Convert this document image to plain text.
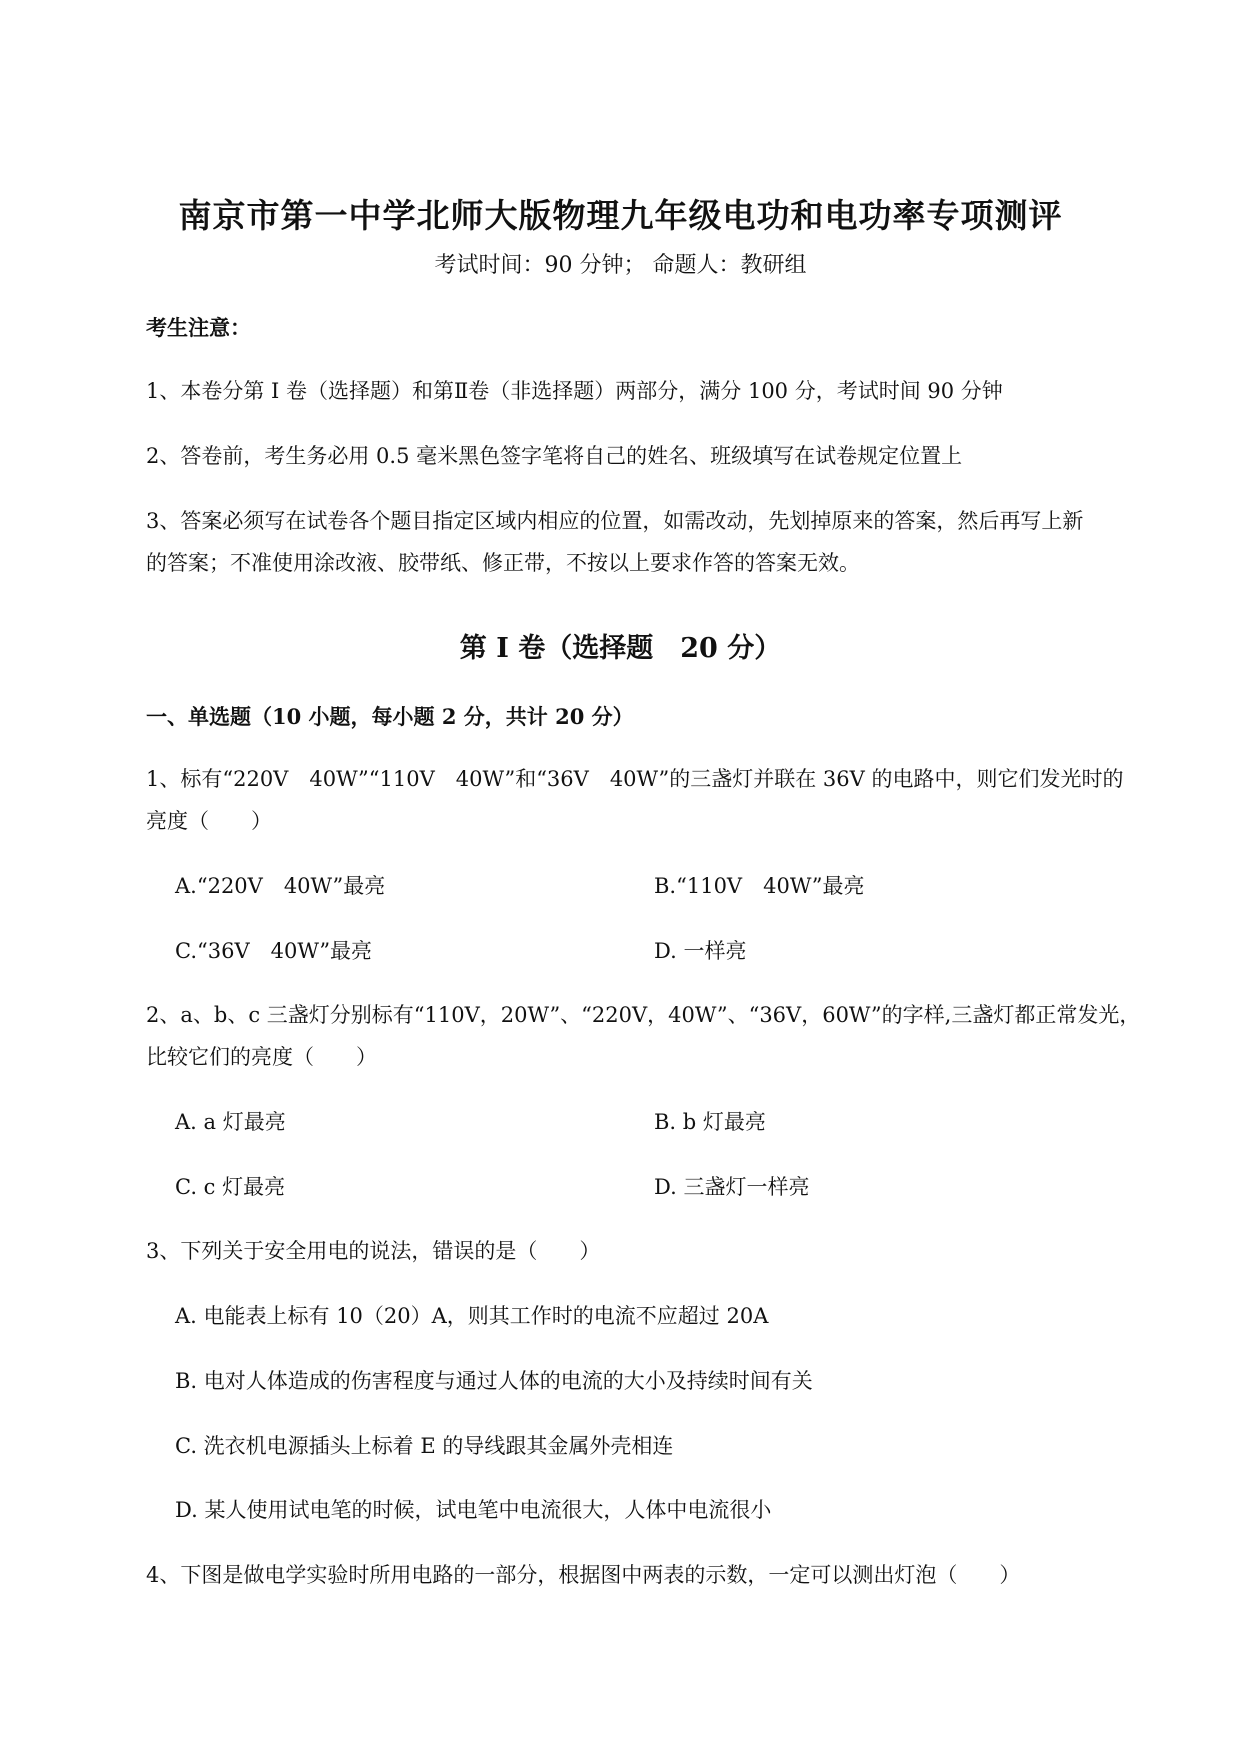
南京市第一中学北师大版物理九年级电功和电功率专项测评
考试时间：90 分钟； 命题人：教研组
考生注意：
1、本卷分第 I 卷（选择题）和第Ⅱ卷（非选择题）两部分，满分 100 分，考试时间 90 分钟
2、答卷前，考生务必用 0.5 毫米黑色签字笔将自己的姓名、班级填写在试卷规定位置上
3、答案必须写在试卷各个题目指定区域内相应的位置，如需改动，先划掉原来的答案，然后再写上新
的答案；不准使用涂改液、胶带纸、修正带，不按以上要求作答的答案无效。
第 I 卷（选择题　20 分）
一、单选题（10 小题，每小题 2 分，共计 20 分）
1、标有“220V　40W”“110V　40W”和“36V　40W”的三盏灯并联在 36V 的电路中，则它们发光时的
亮度（　　）
A.“220V　40W”最亮	B.“110V　40W”最亮
C.“36V　40W”最亮	D. 一样亮
2、a、b、c 三盏灯分别标有“110V，20W”、“220V，40W”、“36V，60W”的字样,三盏灯都正常发光，
比较它们的亮度（　　）
A. a 灯最亮	B. b 灯最亮
C. c 灯最亮	D. 三盏灯一样亮
3、下列关于安全用电的说法，错误的是（　　）
A. 电能表上标有 10（20）A，则其工作时的电流不应超过 20A
B. 电对人体造成的伤害程度与通过人体的电流的大小及持续时间有关
C. 洗衣机电源插头上标着 E 的导线跟其金属外壳相连
D. 某人使用试电笔的时候，试电笔中电流很大，人体中电流很小
4、下图是做电学实验时所用电路的一部分，根据图中两表的示数，一定可以测出灯泡（　　）
